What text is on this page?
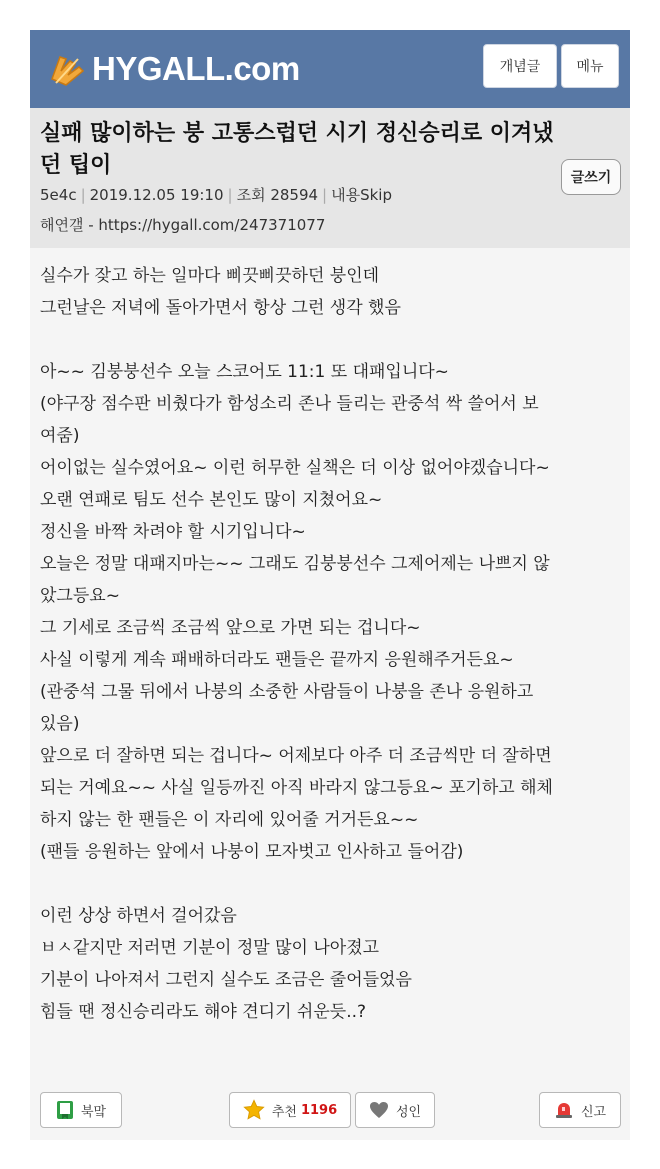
HYGALL.com	개념글	메뉴
실패 많이하는 붕 고통스럽던 시기 정신승리로 이겨냈던 팁이
5e4c | 2019.12.05 19:10 | 조회 28594 | 내용Skip
해연갤 - https://hygall.com/247371077
글쓰기
실수가 잦고 하는 일마다 삐끗삐끗하던 붕인데
그런날은 저녁에 돌아가면서 항상 그런 생각 했음
아~~ 김붕붕선수 오늘 스코어도 11:1 또 대패입니다~
(야구장 점수판 비췄다가 함성소리 존나 들리는 관중석 싹 쓸어서 보
여줌)
어이없는 실수였어요~ 이런 허무한 실책은 더 이상 없어야겠습니다~
오랜 연패로 팀도 선수 본인도 많이 지쳤어요~
정신을 바짝 차려야 할 시기입니다~
오늘은 정말 대패지마는~~ 그래도 김붕붕선수 그제어제는 나쁘지 않
았그등요~
그 기세로 조금씩 조금씩 앞으로 가면 되는 겁니다~
사실 이렇게 계속 패배하더라도 팬들은 끝까지 응원해주거든요~
(관중석 그물 뒤에서 나붕의 소중한 사람들이 나붕을 존나 응원하고
있음)
앞으로 더 잘하면 되는 겁니다~ 어제보다 아주 더 조금씩만 더 잘하면
되는 거예요~~ 사실 일등까진 아직 바라지 않그등요~ 포기하고 해체
하지 않는 한 팬들은 이 자리에 있어줄 거거든요~~
(팬들 응원하는 앞에서 나붕이 모자벗고 인사하고 들어감)
이런 상상 하면서 걸어갔음
ㅂㅅ같지만 저러면 기분이 정말 많이 나아졌고
기분이 나아져서 그런지 실수도 조금은 줄어들었음
힘들 땐 정신승리라도 해야 견디기 쉬운듯..?
북맠	추천 1196	성인	신고
